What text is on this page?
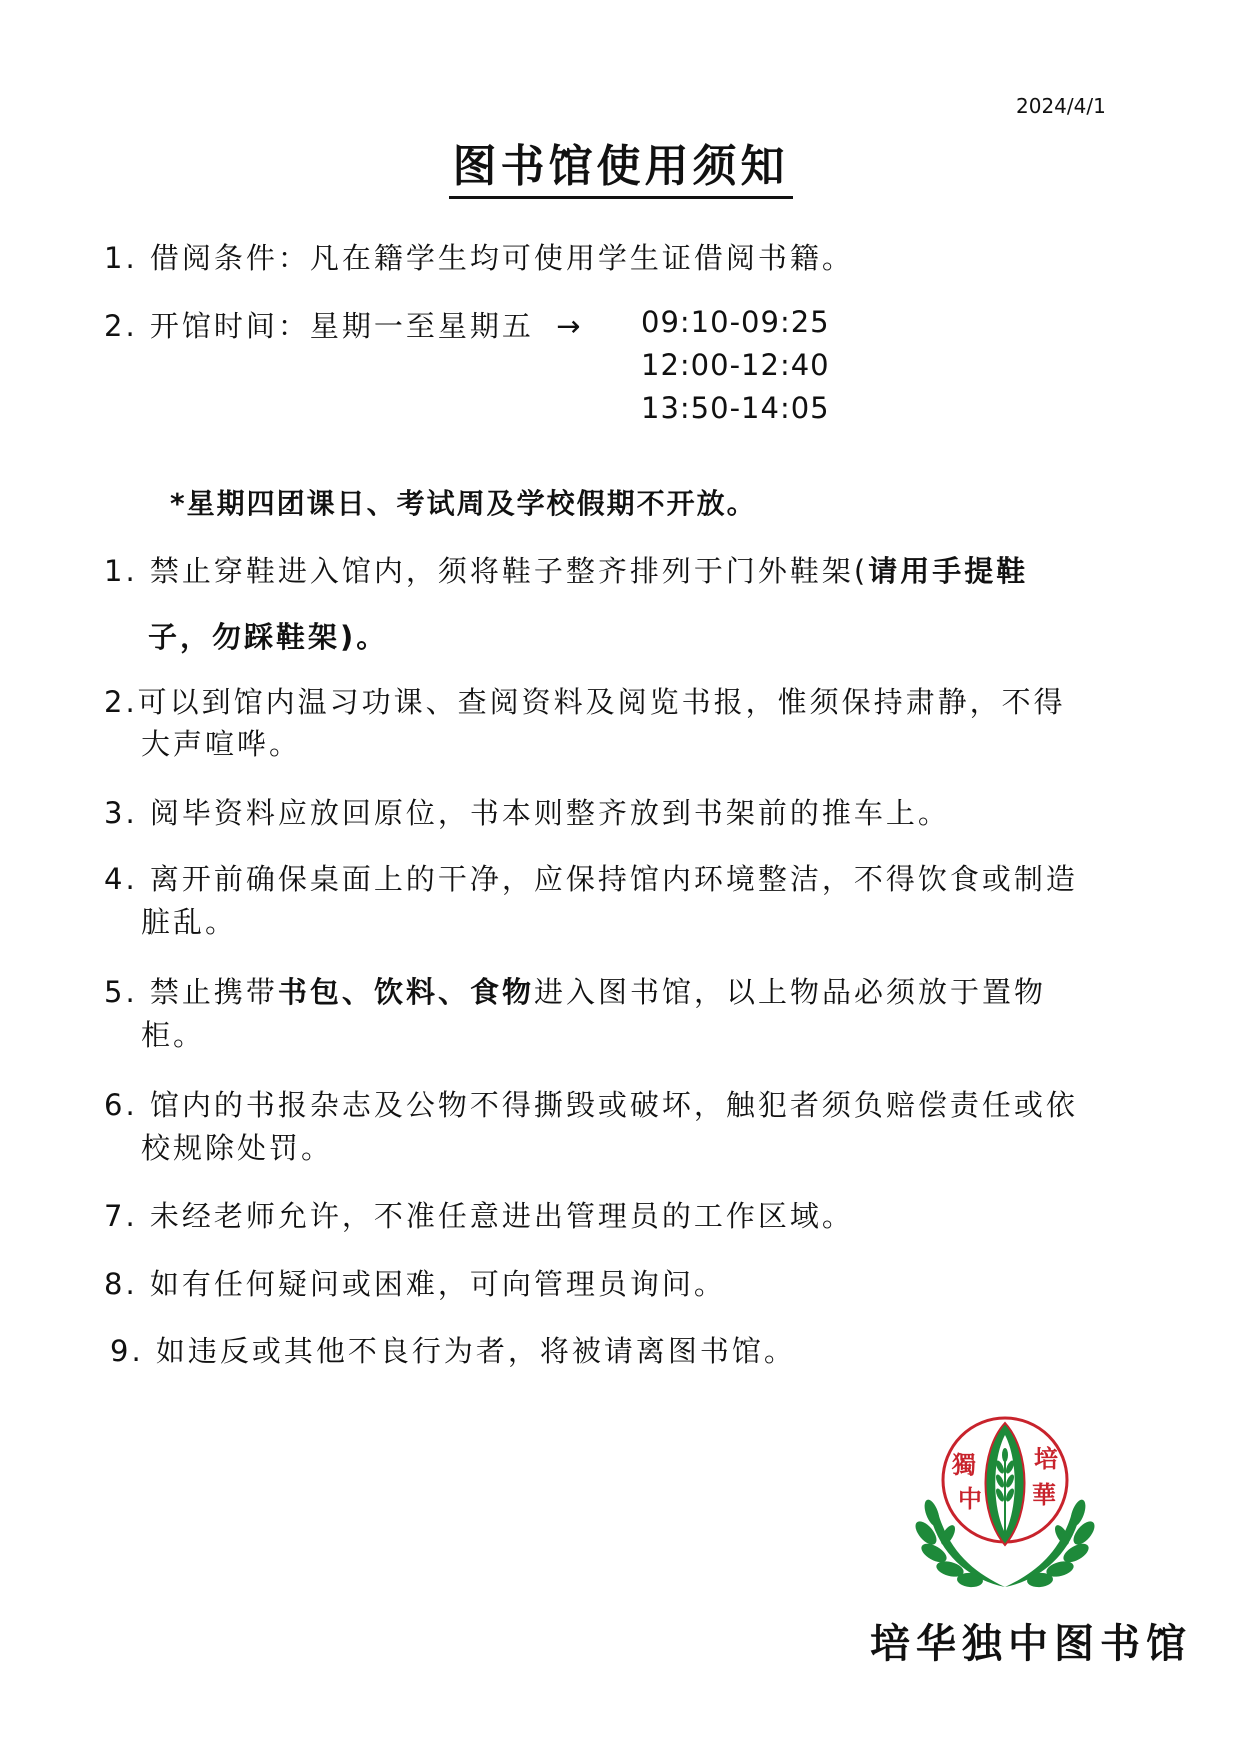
2024/4/1
图书馆使用须知
1. 借阅条件：凡在籍学生均可使用学生证借阅书籍。
2. 开馆时间：星期一至星期五 → 09:10-09:25
12:00-12:40
13:50-14:05
*星期四团课日、考试周及学校假期不开放。
1. 禁止穿鞋进入馆内，须将鞋子整齐排列于门外鞋架(请用手提鞋
子，勿踩鞋架)。
2.可以到馆内温习功课、查阅资料及阅览书报，惟须保持肃静，不得
大声喧哗。
3. 阅毕资料应放回原位，书本则整齐放到书架前的推车上。
4. 离开前确保桌面上的干净，应保持馆内环境整洁，不得饮食或制造
脏乱。
5. 禁止携带书包、饮料、食物进入图书馆，以上物品必须放于置物
柜。
6. 馆内的书报杂志及公物不得撕毁或破坏，触犯者须负赔偿责任或依
校规除处罚。
7. 未经老师允许，不准任意进出管理员的工作区域。
8. 如有任何疑问或困难，可向管理员询问。
9. 如违反或其他不良行为者，将被请离图书馆。
獨
中
培
華
培华独中图书馆
